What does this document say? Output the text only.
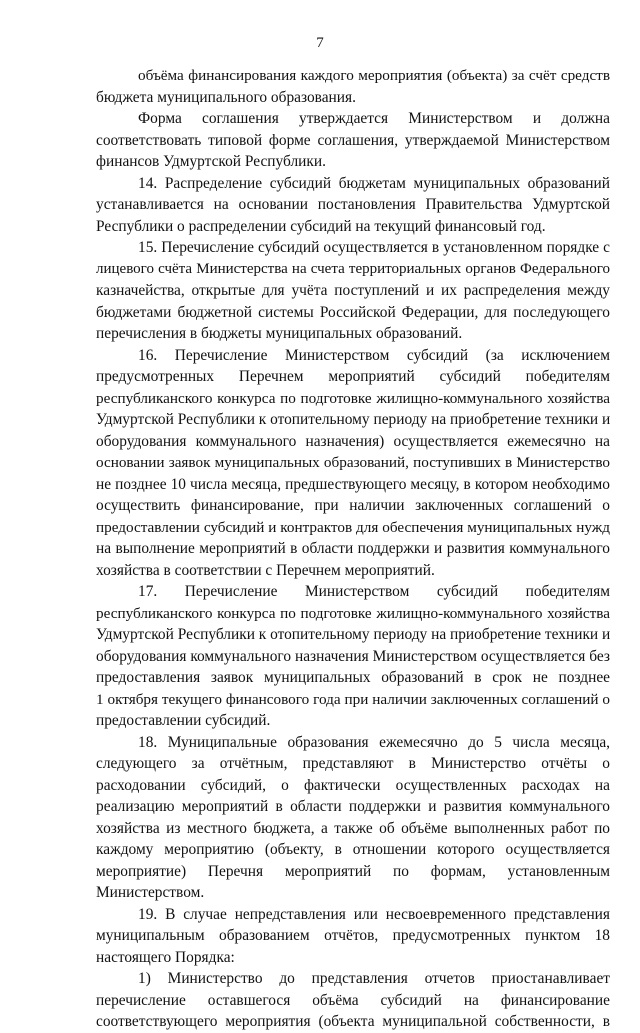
7
объёма финансирования каждого мероприятия (объекта) за счёт средств
бюджета муниципального образования.
Форма соглашения утверждается Министерством и должна
соответствовать типовой форме соглашения, утверждаемой Министерством
финансов Удмуртской Республики.
14. Распределение субсидий бюджетам муниципальных образований
устанавливается на основании постановления Правительства Удмуртской
Республики о распределении субсидий на текущий финансовый год.
15. Перечисление субсидий осуществляется в установленном порядке с
лицевого счёта Министерства на счета территориальных органов Федерального
казначейства, открытые для учёта поступлений и их распределения между
бюджетами бюджетной системы Российской Федерации, для последующего
перечисления в бюджеты муниципальных образований.
16. Перечисление Министерством субсидий (за исключением
предусмотренных Перечнем мероприятий субсидий победителям
республиканского конкурса по подготовке жилищно-коммунального хозяйства
Удмуртской Республики к отопительному периоду на приобретение техники и
оборудования коммунального назначения) осуществляется ежемесячно на
основании заявок муниципальных образований, поступивших в Министерство
не позднее 10 числа месяца, предшествующего месяцу, в котором необходимо
осуществить финансирование, при наличии заключенных соглашений о
предоставлении субсидий и контрактов для обеспечения муниципальных нужд
на выполнение мероприятий в области поддержки и развития коммунального
хозяйства в соответствии с Перечнем мероприятий.
17. Перечисление Министерством субсидий победителям
республиканского конкурса по подготовке жилищно-коммунального хозяйства
Удмуртской Республики к отопительному периоду на приобретение техники и
оборудования коммунального назначения Министерством осуществляется без
предоставления заявок муниципальных образований в срок не позднее
1 октября текущего финансового года при наличии заключенных соглашений о
предоставлении субсидий.
18. Муниципальные образования ежемесячно до 5 числа месяца,
следующего за отчётным, представляют в Министерство отчёты о
расходовании субсидий, о фактически осуществленных расходах на
реализацию мероприятий в области поддержки и развития коммунального
хозяйства из местного бюджета, а также об объёме выполненных работ по
каждому мероприятию (объекту, в отношении которого осуществляется
мероприятие) Перечня мероприятий по формам, установленным
Министерством.
19. В случае непредставления или несвоевременного представления
муниципальным образованием отчётов, предусмотренных пунктом 18
настоящего Порядка:
1) Министерство до представления отчетов приостанавливает
перечисление оставшегося объёма субсидий на финансирование
соответствующего мероприятия (объекта муниципальной собственности, в
